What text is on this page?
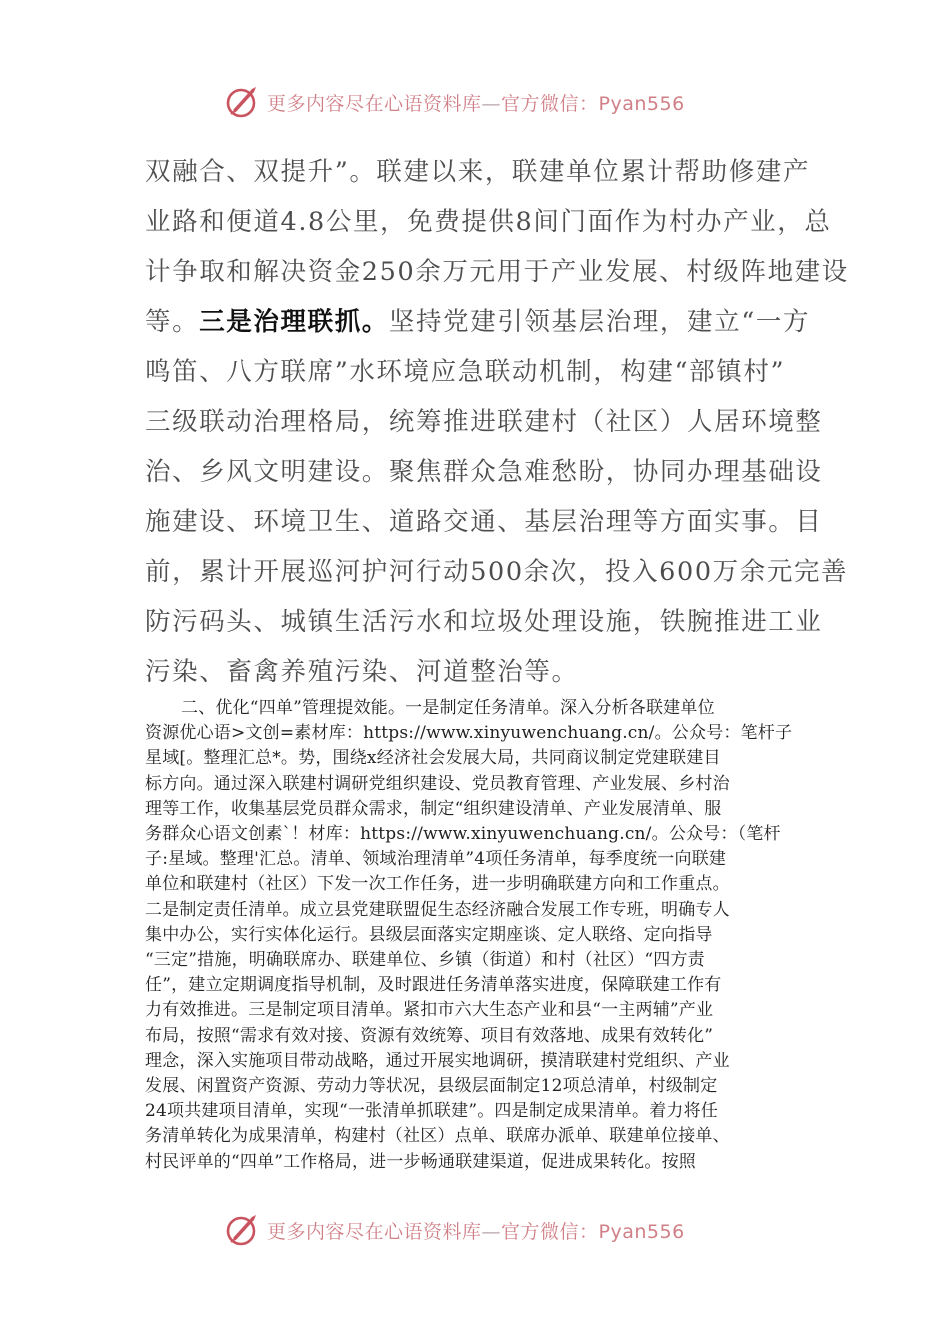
更多内容尽在心语资料库—官方微信：Pyan556

双融合、双提升”。联建以来，联建单位累计帮助修建产

业路和便道4.8公里，免费提供8间门面作为村办产业，总

计争取和解决资金250余万元用于产业发展、村级阵地建设

等。三是治理联抓。坚持党建引领基层治理，建立“一方

鸣笛、八方联席”水环境应急联动机制，构建“部镇村”

三级联动治理格局，统筹推进联建村（社区）人居环境整

治、乡风文明建设。聚焦群众急难愁盼，协同办理基础设

施建设、环境卫生、道路交通、基层治理等方面实事。目

前，累计开展巡河护河行动500余次，投入600万余元完善

防污码头、城镇生活污水和垃圾处理设施，铁腕推进工业

污染、畜禽养殖污染、河道整治等。

二、优化“四单”管理提效能。一是制定任务清单。深入分析各联建单位

资源优心语>文创=素材库：https://www.xinyuwenchuang.cn/。公众号：笔杆子

星域[。整理汇总*。势，围绕x经济社会发展大局，共同商议制定党建联建目

标方向。通过深入联建村调研党组织建设、党员教育管理、产业发展、乡村治

理等工作，收集基层党员群众需求，制定“组织建设清单、产业发展清单、服

务群众心语文创素`！材库：https://www.xinyuwenchuang.cn/。公众号：（笔杆

子:星域。整理'汇总。清单、领域治理清单”4项任务清单，每季度统一向联建

单位和联建村（社区）下发一次工作任务，进一步明确联建方向和工作重点。

二是制定责任清单。成立县党建联盟促生态经济融合发展工作专班，明确专人

集中办公，实行实体化运行。县级层面落实定期座谈、定人联络、定向指导

“三定”措施，明确联席办、联建单位、乡镇（街道）和村（社区）“四方责

任”，建立定期调度指导机制，及时跟进任务清单落实进度，保障联建工作有

力有效推进。三是制定项目清单。紧扣市六大生态产业和县“一主两辅”产业

布局，按照“需求有效对接、资源有效统筹、项目有效落地、成果有效转化”

理念，深入实施项目带动战略，通过开展实地调研，摸清联建村党组织、产业

发展、闲置资产资源、劳动力等状况，县级层面制定12项总清单，村级制定

24项共建项目清单，实现“一张清单抓联建”。四是制定成果清单。着力将任

务清单转化为成果清单，构建村（社区）点单、联席办派单、联建单位接单、

村民评单的“四单”工作格局，进一步畅通联建渠道，促进成果转化。按照

更多内容尽在心语资料库—官方微信：Pyan556
